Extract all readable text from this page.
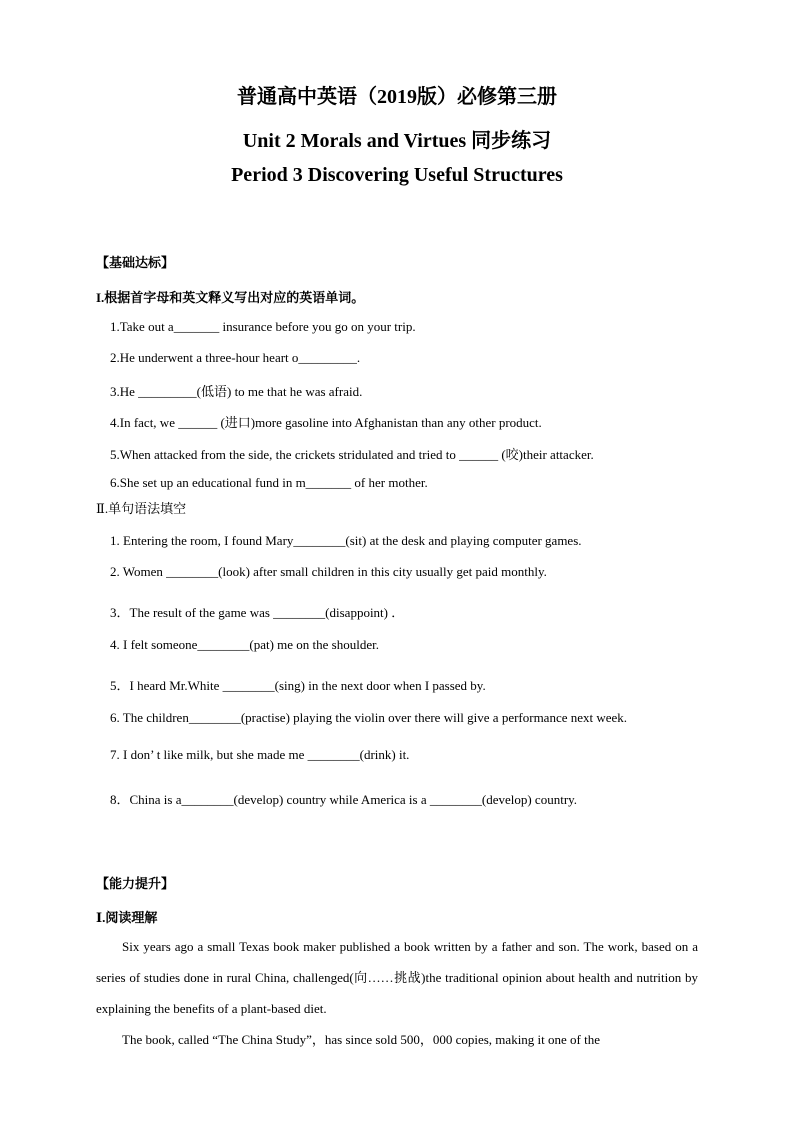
普通高中英语（2019版）必修第三册
Unit 2 Morals and Virtues 同步练习
Period 3 Discovering Useful Structures
【基础达标】
I.根据首字母和英文释义写出对应的英语单词。
1.Take out a_______ insurance before you go on your trip.
2.He underwent a three-hour heart o_________.
3.He _________(低语) to me that he was afraid.
4.In fact, we ______ (进口)more gasoline into Afghanistan than any other product.
5.When attacked from the side, the crickets stridulated and tried to ______ (咬)their attacker.
6.She set up an educational fund in m_______ of her mother.
Ⅱ.单句语法填空
1. Entering the room, I found Mary________(sit) at the desk and playing computer games.
2. Women ________(look) after small children in this city usually get paid monthly.
3．The result of the game was ________(disappoint) ．
4. I felt someone________(pat) me on the shoulder.
5．I heard Mr.White ________(sing) in the next door when I passed by.
6. The children________(practise) playing the violin over there will give a performance next week.
7. I don’ t like milk, but she made me ________(drink) it.
8．China is a________(develop) country while America is a ________(develop) country.
【能力提升】
Ⅰ.阅读理解
Six years ago a small Texas book maker published a book written by a father and son. The work, based on a series of studies done in rural China, challenged(向……挑战)the traditional opinion about health and nutrition by explaining the benefits of a plant-based diet.
The book, called “The China Study”，has since sold 500，000 copies, making it one of the
